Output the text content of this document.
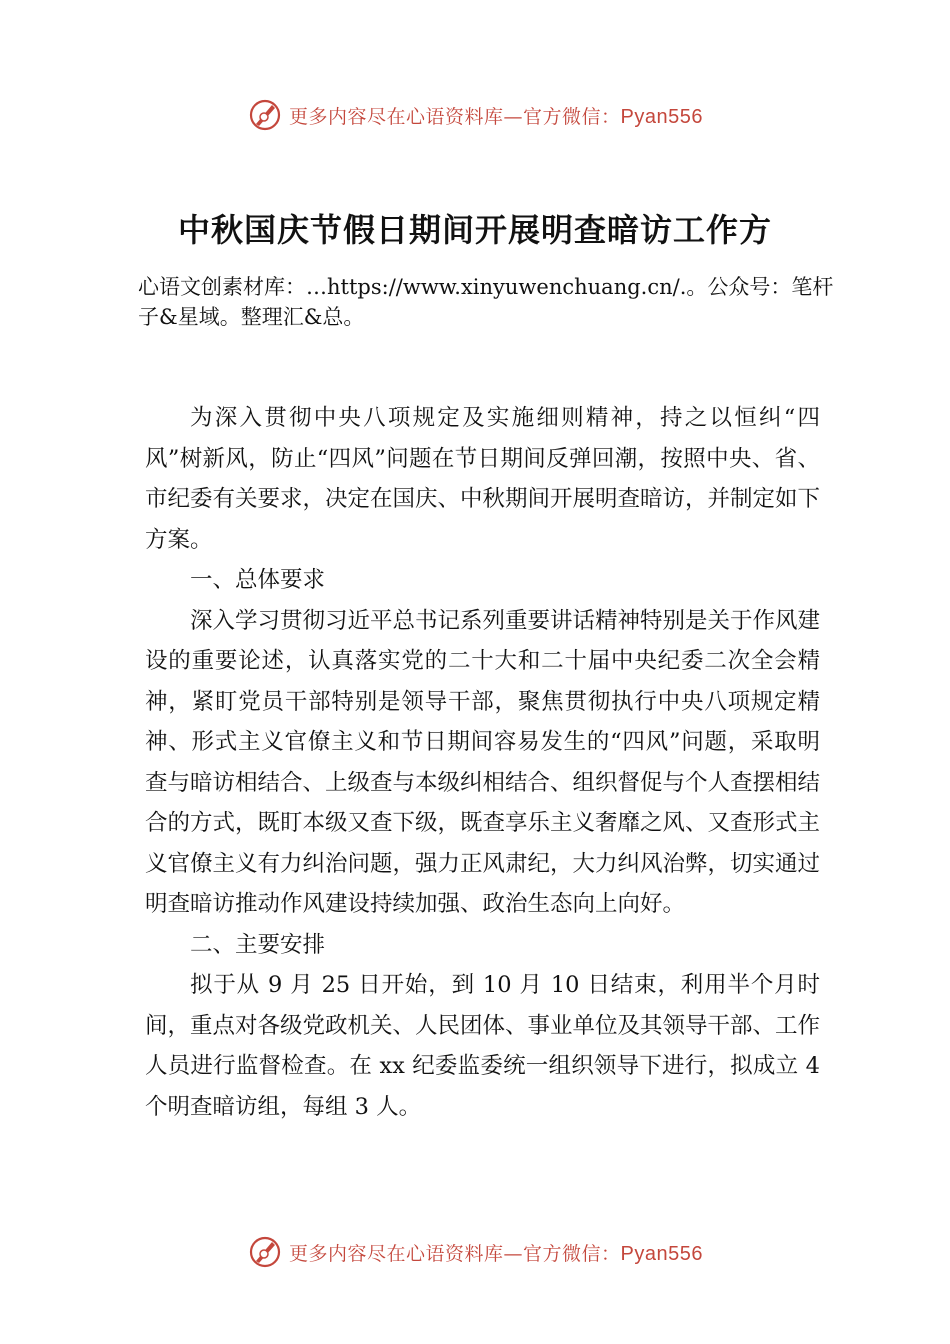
更多内容尽在心语资料库—官方微信：Pyan556
中秋国庆节假日期间开展明查暗访工作方
心语文创素材库：…https://www.xinyuwenchuang.cn/.。公众号：笔杆子&星域。整理汇&总。

为深入贯彻中央八项规定及实施细则精神，持之以恒纠“四风”树新风，防止“四风”问题在节日期间反弹回潮，按照中央、省、市纪委有关要求，决定在国庆、中秋期间开展明查暗访，并制定如下方案。

一、总体要求

深入学习贯彻习近平总书记系列重要讲话精神特别是关于作风建设的重要论述，认真落实党的二十大和二十届中央纪委二次全会精神，紧盯党员干部特别是领导干部，聚焦贯彻执行中央八项规定精神、形式主义官僚主义和节日期间容易发生的“四风”问题，采取明查与暗访相结合、上级查与本级纠相结合、组织督促与个人查摆相结合的方式，既盯本级又查下级，既查享乐主义奢靡之风、又查形式主义官僚主义有力纠治问题，强力正风肃纪，大力纠风治弊，切实通过明查暗访推动作风建设持续加强、政治生态向上向好。

二、主要安排

拟于从 9 月 25 日开始，到 10 月 10 日结束，利用半个月时间，重点对各级党政机关、人民团体、事业单位及其领导干部、工作人员进行监督检查。在 xx 纪委监委统一组织领导下进行，拟成立 4 个明查暗访组，每组 3 人。

更多内容尽在心语资料库—官方微信：Pyan556
